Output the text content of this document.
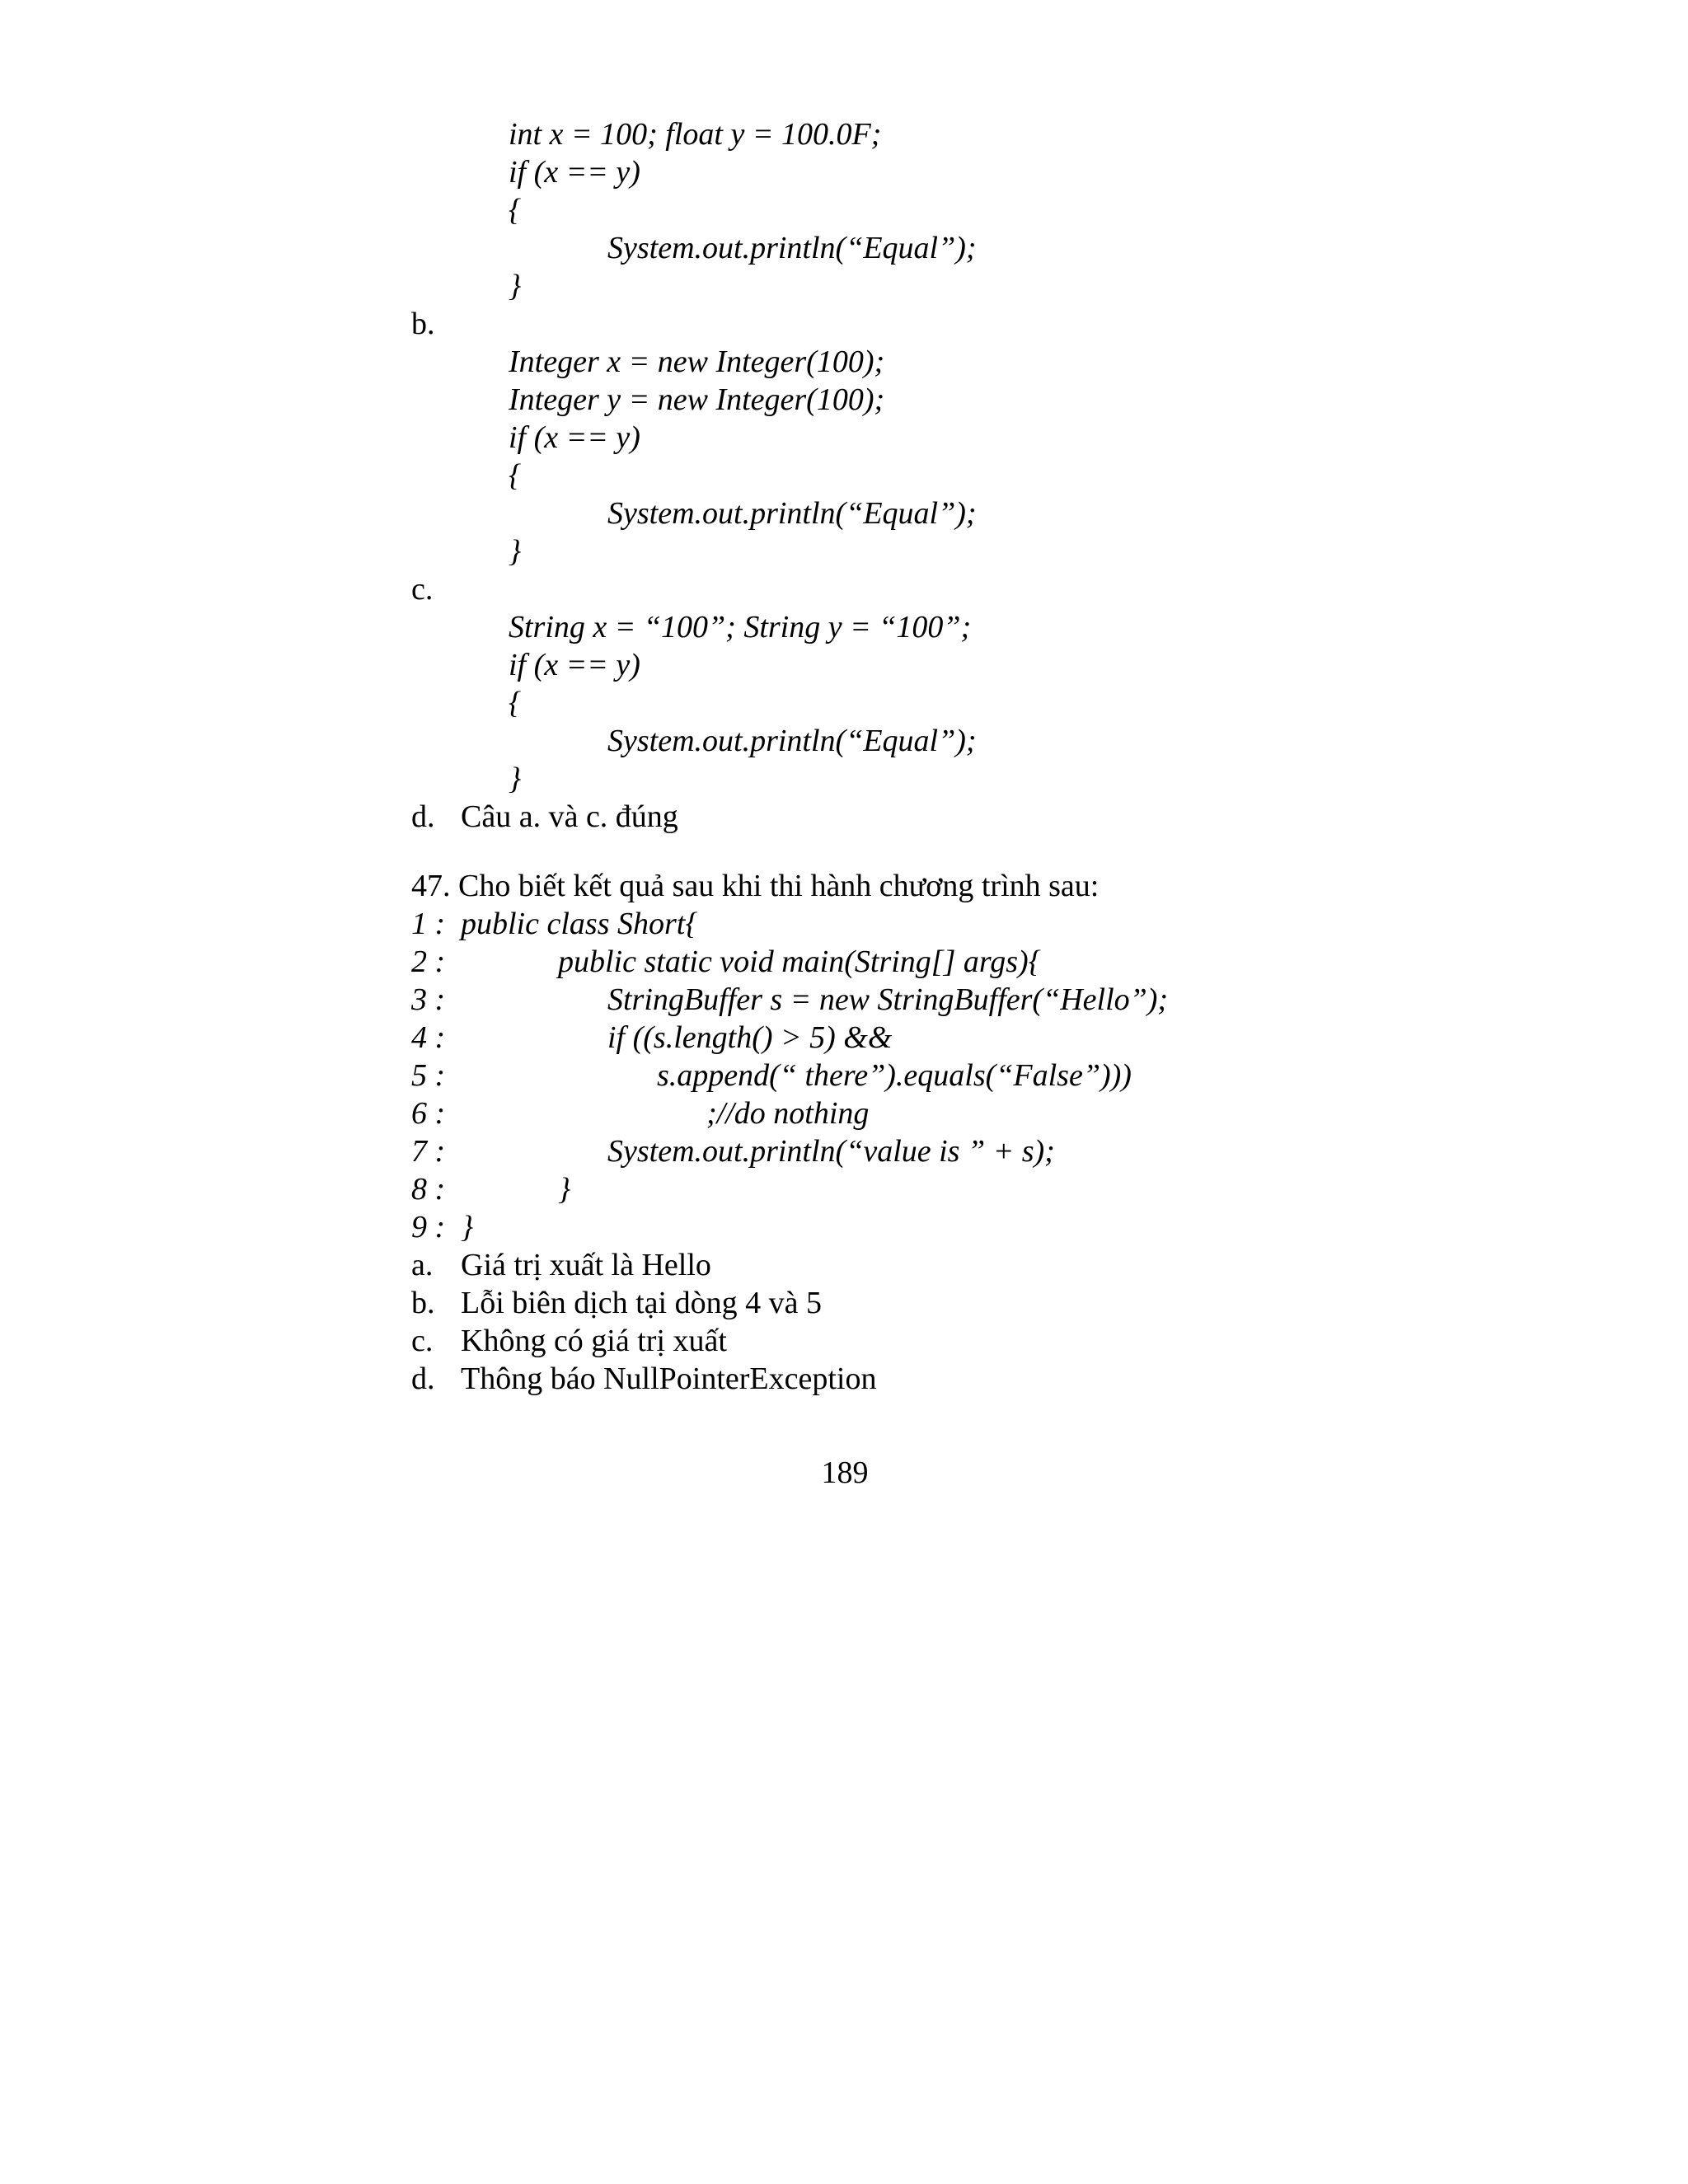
int x = 100; float y = 100.0F;
if (x == y)
{
System.out.println(“Equal”);
}
b.
Integer x = new Integer(100);
Integer y = new Integer(100);
if (x == y)
{
System.out.println(“Equal”);
}
c.
String x = “100”; String y = “100”;
if (x == y)
{
System.out.println(“Equal”);
}
d. Câu a. và c. đúng
47. Cho biết kết quả sau khi thi hành chương trình sau:
1 : public class Short{
2 :	public static void main(String[] args){
3 :	StringBuffer s = new StringBuffer(“Hello”);
4 :	if ((s.length() > 5) &&
5 :	s.append(“ there”).equals(“False”)))
6 :	;//do nothing
7 :	System.out.println(“value is ” + s);
8 :	}
9 : }
a. Giá trị xuất là Hello
b. Lỗi biên dịch tại dòng 4 và 5
c. Không có giá trị xuất
d. Thông báo NullPointerException
189
